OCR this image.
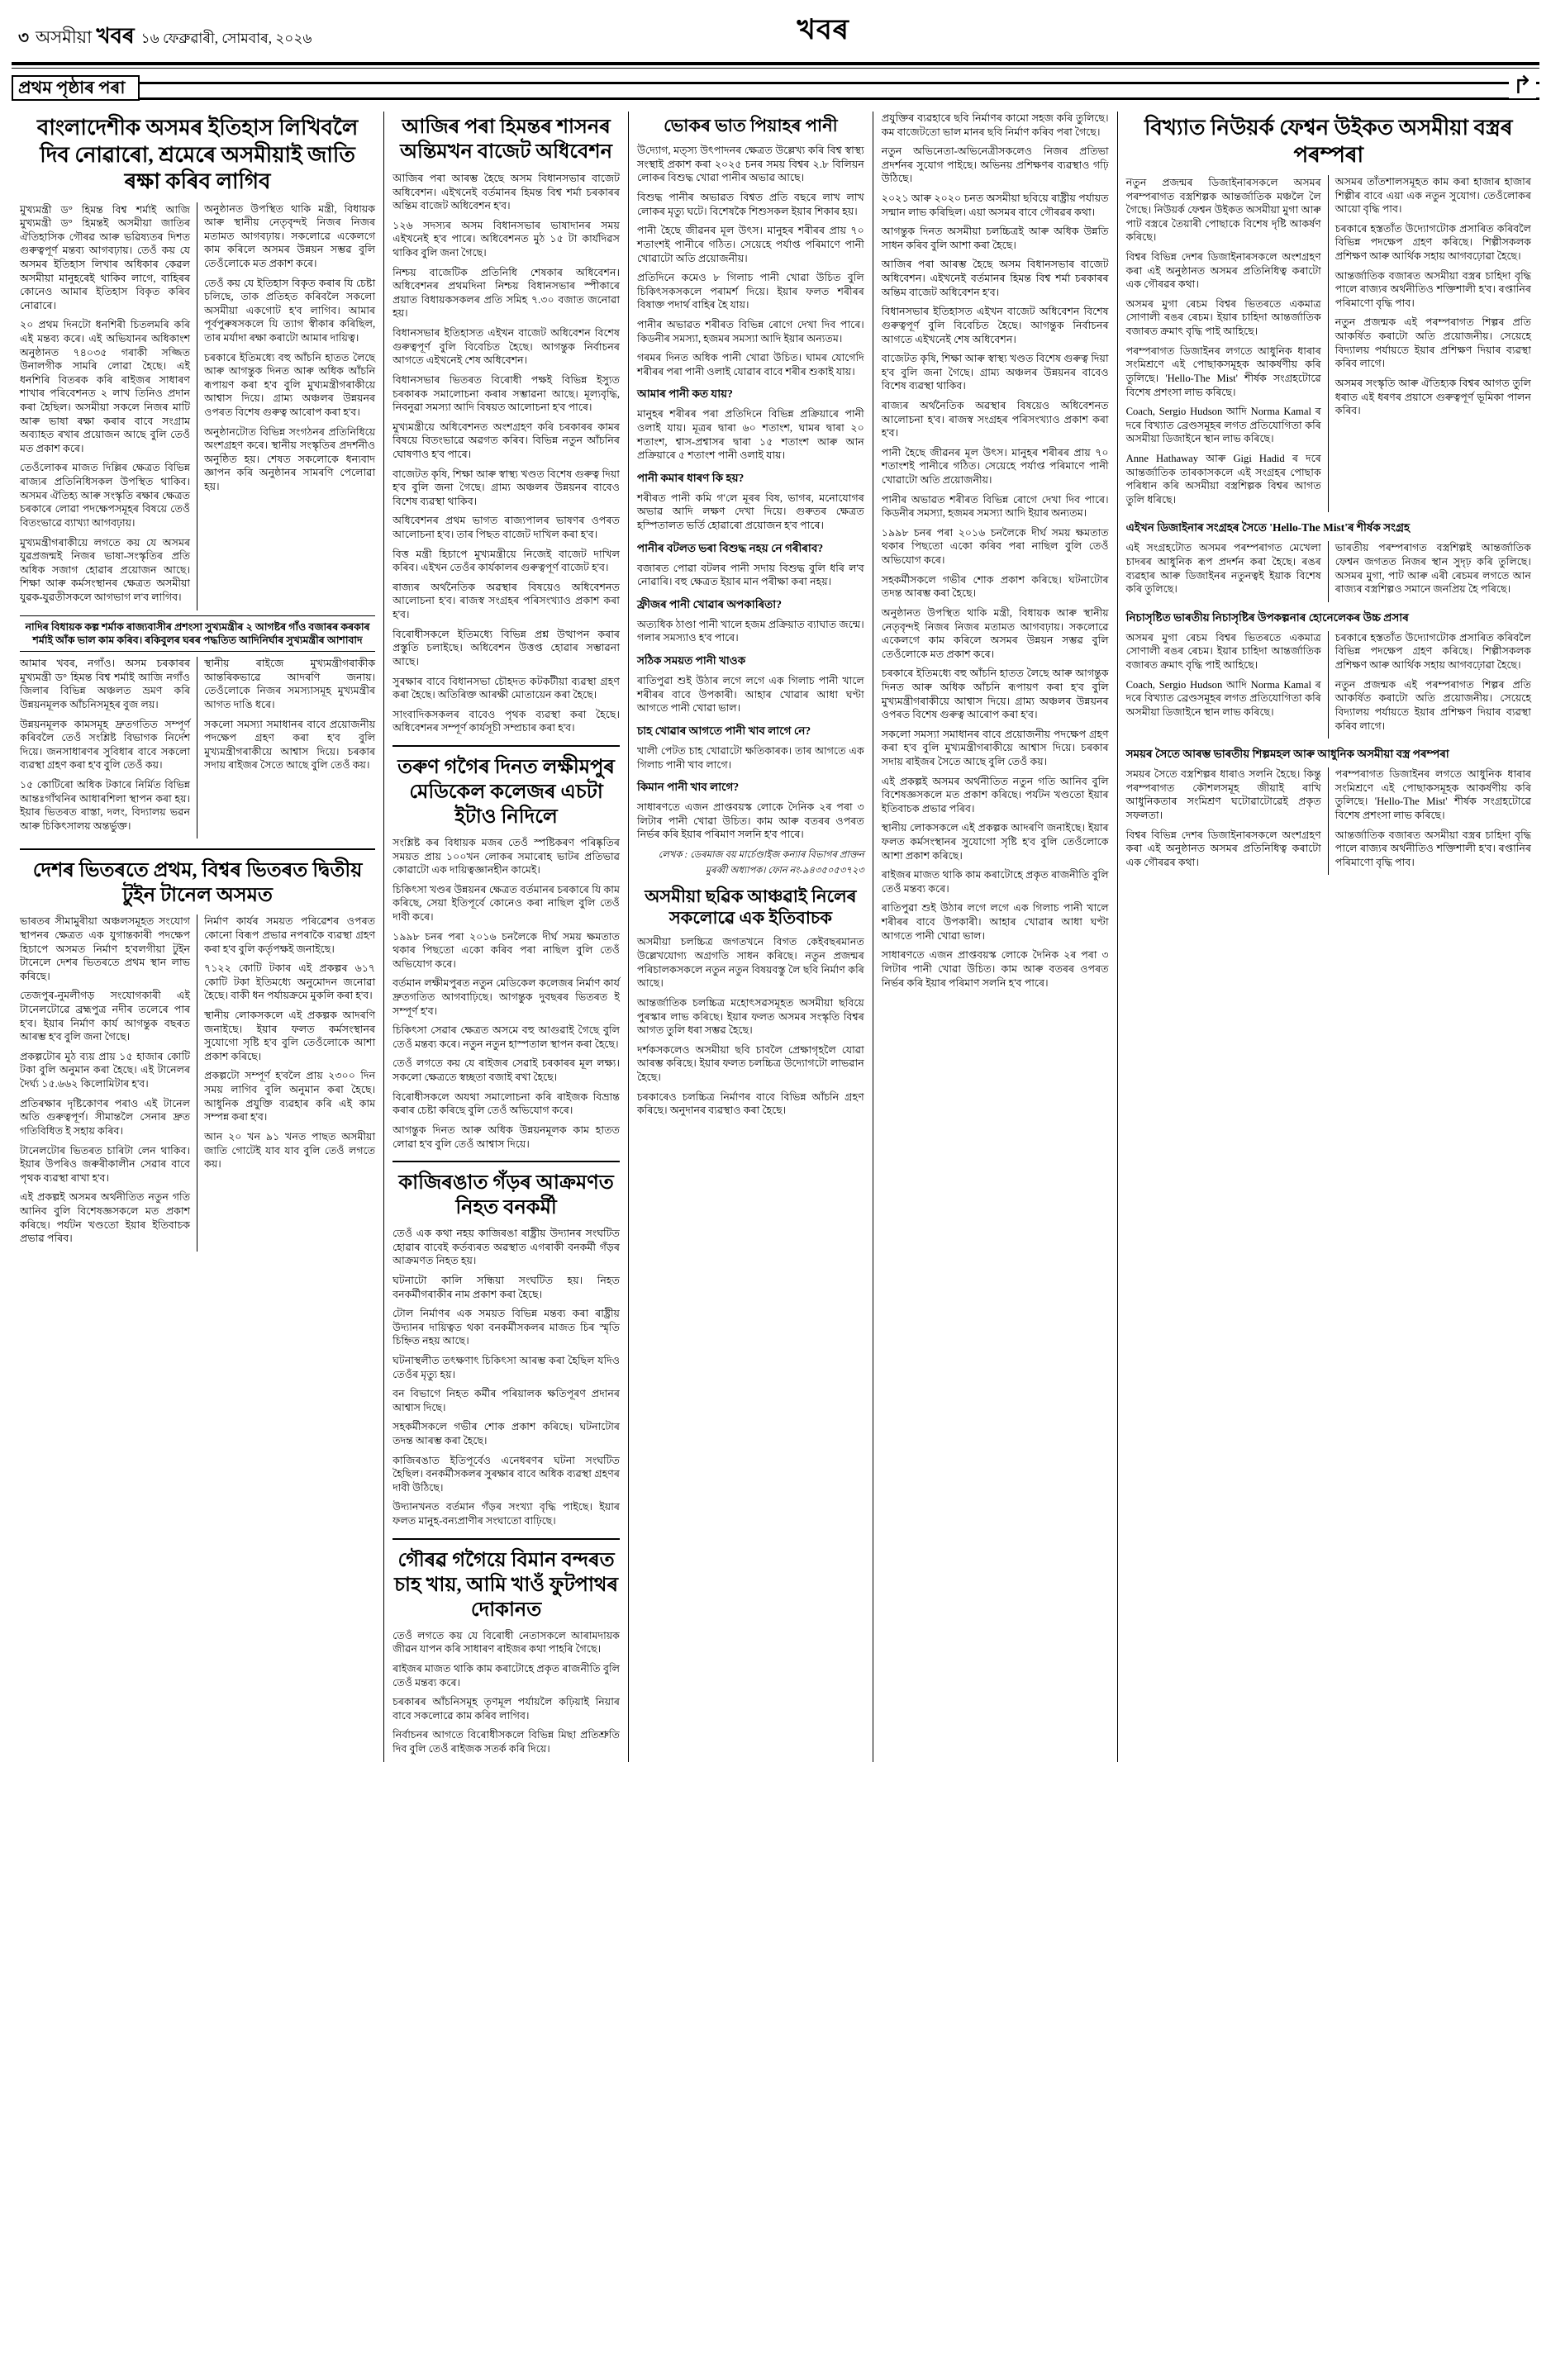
৩ অসমীয়া খবৰ ১৬ ফেব্ৰুৱাৰী, সোমবাৰ, ২০২৬	খবৰ
প্ৰথম পৃষ্ঠাৰ পৰা	↱
বাংলাদেশীক অসমৰ ইতিহাস লিখিবলৈ দিব নোৱাৰো, শ্ৰমেৰে অসমীয়াই জাতি ৰক্ষা কৰিব লাগিব

মুখ্যমন্ত্ৰী ড° হিমন্ত বিশ্ব শৰ্মাই আজি মুখ্যমন্ত্ৰী ড° হিমন্তই অসমীয়া জাতিৰ ঐতিহাসিক গৌৰৱ আৰু ভৱিষ্যতৰ দিশত গুৰুত্বপূৰ্ণ মন্তব্য আগবঢ়ায়। তেওঁ কয় যে অসমৰ ইতিহাস লিখাৰ অধিকাৰ কেৱল অসমীয়া মানুহৰেই থাকিব লাগে, বাহিৰৰ কোনেও আমাৰ ইতিহাস বিকৃত কৰিব নোৱাৰে।

২০ প্ৰথম দিনটো ধনশিৰী চিতলমৰি কৰি এই মন্তব্য কৰে। এই অভিযানৰ অধিকাংশ অনুষ্ঠানত ৭৪০৩৫ গৰাকী সজ্জিত উনালগীক সামৰি লোৱা হৈছে। এই ধনশিৰি বিতৰক কৰি ৰাইজৰ সাধাৰণ শাখাৰ পৰিবেশনত ২ লাখ তিনিও প্ৰদান কৰা হৈছিল। অসমীয়া সকলে নিজৰ মাটি আৰু ভাষা ৰক্ষা কৰাৰ বাবে সংগ্ৰাম অব্যাহত ৰখাৰ প্ৰয়োজন আছে বুলি তেওঁ মত প্ৰকাশ কৰে।

তেওঁলোকৰ মাজত দিল্লিৰ ক্ষেত্ৰত বিভিন্ন ৰাজ্যৰ প্ৰতিনিধিসকল উপস্থিত থাকিব। অসমৰ ঐতিহ্য আৰু সংস্কৃতি ৰক্ষাৰ ক্ষেত্ৰত চৰকাৰে লোৱা পদক্ষেপসমূহৰ বিষয়ে তেওঁ বিতংভাৱে ব্যাখ্যা আগবঢ়ায়।

মুখ্যমন্ত্ৰীগৰাকীয়ে লগতে কয় যে অসমৰ যুৱপ্ৰজন্মই নিজৰ ভাষা-সংস্কৃতিৰ প্ৰতি অধিক সজাগ হোৱাৰ প্ৰয়োজন আছে। শিক্ষা আৰু কৰ্মসংস্থানৰ ক্ষেত্ৰত অসমীয়া যুৱক-যুৱতীসকলে আগভাগ ল'ব লাগিব।

অনুষ্ঠানত উপস্থিত থাকি মন্ত্ৰী, বিধায়ক আৰু স্থানীয় নেতৃবৃন্দই নিজৰ নিজৰ মতামত আগবঢ়ায়। সকলোৱে একেলগে কাম কৰিলে অসমৰ উন্নয়ন সম্ভৱ বুলি তেওঁলোকে মত প্ৰকাশ কৰে।

তেওঁ কয় যে ইতিহাস বিকৃত কৰাৰ যি চেষ্টা চলিছে, তাক প্ৰতিহত কৰিবলৈ সকলো অসমীয়া একগোট হ'ব লাগিব। আমাৰ পূৰ্বপুৰুষসকলে যি ত্যাগ স্বীকাৰ কৰিছিল, তাৰ মৰ্যাদা ৰক্ষা কৰাটো আমাৰ দায়িত্ব।

চৰকাৰে ইতিমধ্যে বহু আঁচনি হাতত লৈছে আৰু আগন্তুক দিনত আৰু অধিক আঁচনি ৰূপায়ণ কৰা হ'ব বুলি মুখ্যমন্ত্ৰীগৰাকীয়ে আশ্বাস দিয়ে। গ্ৰাম্য অঞ্চলৰ উন্নয়নৰ ওপৰত বিশেষ গুৰুত্ব আৰোপ কৰা হ'ব।

অনুষ্ঠানটোত বিভিন্ন সংগঠনৰ প্ৰতিনিধিয়ে অংশগ্ৰহণ কৰে। স্থানীয় সংস্কৃতিৰ প্ৰদৰ্শনীও অনুষ্ঠিত হয়। শেষত সকলোকে ধন্যবাদ জ্ঞাপন কৰি অনুষ্ঠানৰ সামৰণি পেলোৱা হয়।

নাদিৰ বিধায়ক কল্প শৰ্মাক ৰাজ্যবাসীৰ প্ৰশংসা সুখ্যমন্ত্ৰীৰ ২ আগষ্টৰ গাঁও বজাৰৰ কৰকাৰ শৰ্মাই আঁক ভাল কাম কৰিব। ৰকিবুলৰ ঘৰৰ পদ্ধতিত আদিনিৰ্ঘাৰ সুখ্যমন্ত্ৰীৰ আশাবাদ

আমাৰ খবৰ, নগাঁও। অসম চৰকাৰৰ মুখ্যমন্ত্ৰী ড° হিমন্ত বিশ্ব শৰ্মাই আজি নগাঁও জিলাৰ বিভিন্ন অঞ্চলত ভ্ৰমণ কৰি উন্নয়নমূলক আঁচনিসমূহৰ বুজ লয়।

উন্নয়নমূলক কামসমূহ দ্ৰুতগতিত সম্পূৰ্ণ কৰিবলৈ তেওঁ সংশ্লিষ্ট বিভাগক নিৰ্দেশ দিয়ে। জনসাধাৰণৰ সুবিধাৰ বাবে সকলো ব্যৱস্থা গ্ৰহণ কৰা হ'ব বুলি তেওঁ কয়।

১৫ কোটিৰো অধিক টকাৰে নিৰ্মিত বিভিন্ন আন্তঃগাঁথনিৰ আধাৰশিলা স্থাপন কৰা হয়। ইয়াৰ ভিতৰত ৰাস্তা, দলং, বিদ্যালয় ভৱন আৰু চিকিৎসালয় অন্তৰ্ভুক্ত।

স্থানীয় ৰাইজে মুখ্যমন্ত্ৰীগৰাকীক আন্তৰিকভাৱে আদৰণি জনায়। তেওঁলোকে নিজৰ সমস্যাসমূহ মুখ্যমন্ত্ৰীৰ আগত দাঙি ধৰে।

সকলো সমস্যা সমাধানৰ বাবে প্ৰয়োজনীয় পদক্ষেপ গ্ৰহণ কৰা হ'ব বুলি মুখ্যমন্ত্ৰীগৰাকীয়ে আশ্বাস দিয়ে। চৰকাৰ সদায় ৰাইজৰ সৈতে আছে বুলি তেওঁ কয়।

দেশৰ ভিতৰতে প্ৰথম, বিশ্বৰ ভিতৰত দ্বিতীয় টুইন টানেল অসমত

ভাৰতৰ সীমামুৰীয়া অঞ্চলসমূহত সংযোগ স্থাপনৰ ক্ষেত্ৰত এক যুগান্তকাৰী পদক্ষেপ হিচাপে অসমত নিৰ্মাণ হ'বলগীয়া টুইন টানেলে দেশৰ ভিতৰতে প্ৰথম স্থান লাভ কৰিছে।

তেজপুৰ-নুমলীগড় সংযোগকাৰী এই টানেলটোৱে ব্ৰহ্মপুত্ৰ নদীৰ তলেৰে পাৰ হ'ব। ইয়াৰ নিৰ্মাণ কাৰ্য আগন্তুক বছৰত আৰম্ভ হ'ব বুলি জনা গৈছে।

প্ৰকল্পটোৰ মুঠ ব্যয় প্ৰায় ১৫ হাজাৰ কোটি টকা বুলি অনুমান কৰা হৈছে। এই টানেলৰ দৈৰ্ঘ্য ১৫.৬৬২ কিলোমিটাৰ হ'ব।

প্ৰতিৰক্ষাৰ দৃষ্টিকোণৰ পৰাও এই টানেল অতি গুৰুত্বপূৰ্ণ। সীমান্তলৈ সেনাৰ দ্ৰুত গতিবিধিত ই সহায় কৰিব।

টানেলটোৰ ভিতৰত চাৰিটা লেন থাকিব। ইয়াৰ উপৰিও জৰুৰীকালীন সেৱাৰ বাবে পৃথক ব্যৱস্থা ৰাখা হ'ব।

এই প্ৰকল্পই অসমৰ অৰ্থনীতিত নতুন গতি আনিব বুলি বিশেষজ্ঞসকলে মত প্ৰকাশ কৰিছে। পৰ্যটন খণ্ডতো ইয়াৰ ইতিবাচক প্ৰভাৱ পৰিব।

নিৰ্মাণ কাৰ্যৰ সময়ত পৰিৱেশৰ ওপৰত কোনো বিৰূপ প্ৰভাৱ নপৰাকৈ ব্যৱস্থা গ্ৰহণ কৰা হ'ব বুলি কৰ্তৃপক্ষই জনাইছে।

৭১২২ কোটি টকাৰ এই প্ৰকল্পৰ ৬১৭ কোটি টকা ইতিমধ্যে অনুমোদন জনোৱা হৈছে। বাকী ধন পৰ্যায়ক্ৰমে মুকলি কৰা হ'ব।

স্থানীয় লোকসকলে এই প্ৰকল্পক আদৰণি জনাইছে। ইয়াৰ ফলত কৰ্মসংস্থানৰ সুযোগো সৃষ্টি হ'ব বুলি তেওঁলোকে আশা প্ৰকাশ কৰিছে।

প্ৰকল্পটো সম্পূৰ্ণ হ'বলৈ প্ৰায় ২৩০০ দিন সময় লাগিব বুলি অনুমান কৰা হৈছে। আধুনিক প্ৰযুক্তি ব্যৱহাৰ কৰি এই কাম সম্পন্ন কৰা হ'ব।

আন ২০ খন ৯১ খনত পাছত অসমীয়া জাতি গোটেই যাব যাব বুলি তেওঁ লগতে কয়।

আজিৰ পৰা হিমন্তৰ শাসনৰ অন্তিমখন বাজেট অধিবেশন

আজিৰ পৰা আৰম্ভ হৈছে অসম বিধানসভাৰ বাজেট অধিবেশন। এইখনেই বৰ্তমানৰ হিমন্ত বিশ্ব শৰ্মা চৰকাৰৰ অন্তিম বাজেট অধিবেশন হ'ব।

১২৬ সদস্যৰ অসম বিধানসভাৰ ভাষাদানৰ সময় এইখনেই হ'ব পাৰে। অধিবেশনত মুঠ ১৫ টা কাৰ্যদিৱস থাকিব বুলি জনা গৈছে।

নিশ্চয় বাজেটিক প্ৰতিনিধি শেষকাৰ অধিবেশন। অধিবেশনৰ প্ৰথমদিনা নিশ্চয় বিধানসভাৰ স্পীকাৰে প্ৰয়াত বিধায়কসকলৰ প্ৰতি সমিহ ৭.৩০ বজাত জনোৱা হয়।

বিধানসভাৰ ইতিহাসত এইখন বাজেট অধিবেশন বিশেষ গুৰুত্বপূৰ্ণ বুলি বিবেচিত হৈছে। আগন্তুক নিৰ্বাচনৰ আগতে এইখনেই শেষ অধিবেশন।

বিধানসভাৰ ভিতৰত বিৰোধী পক্ষই বিভিন্ন ইস্যুত চৰকাৰক সমালোচনা কৰাৰ সম্ভাৱনা আছে। মূল্যবৃদ্ধি, নিবনুৱা সমস্যা আদি বিষয়ত আলোচনা হ'ব পাৰে।

মুখ্যমন্ত্ৰীয়ে অধিবেশনত অংশগ্ৰহণ কৰি চৰকাৰৰ কামৰ বিষয়ে বিতংভাৱে অৱগত কৰিব। বিভিন্ন নতুন আঁচনিৰ ঘোষণাও হ'ব পাৰে।

বাজেটত কৃষি, শিক্ষা আৰু স্বাস্থ্য খণ্ডত বিশেষ গুৰুত্ব দিয়া হ'ব বুলি জনা গৈছে। গ্ৰাম্য অঞ্চলৰ উন্নয়নৰ বাবেও বিশেষ ব্যৱস্থা থাকিব।

অধিবেশনৰ প্ৰথম ভাগত ৰাজ্যপালৰ ভাষণৰ ওপৰত আলোচনা হ'ব। তাৰ পিছত বাজেট দাখিল কৰা হ'ব।

বিত্ত মন্ত্ৰী হিচাপে মুখ্যমন্ত্ৰীয়ে নিজেই বাজেট দাখিল কৰিব। এইখন তেওঁৰ কাৰ্যকালৰ গুৰুত্বপূৰ্ণ বাজেট হ'ব।

ৰাজ্যৰ অৰ্থনৈতিক অৱস্থাৰ বিষয়েও অধিবেশনত আলোচনা হ'ব। ৰাজস্ব সংগ্ৰহৰ পৰিসংখ্যাও প্ৰকাশ কৰা হ'ব।

বিৰোধীসকলে ইতিমধ্যে বিভিন্ন প্ৰশ্ন উত্থাপন কৰাৰ প্ৰস্তুতি চলাইছে। অধিবেশন উত্তপ্ত হোৱাৰ সম্ভাৱনা আছে।

সুৰক্ষাৰ বাবে বিধানসভা চৌহদত কটকটীয়া ব্যৱস্থা গ্ৰহণ কৰা হৈছে। অতিৰিক্ত আৰক্ষী মোতায়েন কৰা হৈছে।

সাংবাদিকসকলৰ বাবেও পৃথক ব্যৱস্থা কৰা হৈছে। অধিবেশনৰ সম্পূৰ্ণ কাৰ্যসূচী সম্প্ৰচাৰ কৰা হ'ব।

তৰুণ গগৈৰ দিনত লক্ষীমপুৰ মেডিকেল কলেজৰ এচটা ইটাও নিদিলে

সংশ্লিষ্ট কৰ বিধায়ক মজৰ তেওঁ স্পষ্টিকৰণ পৰিষ্কৃতিৰ সময়ত প্ৰায় ১০০খন লোকৰ সমাৰোহ ভাটৰ প্ৰতিভাৱ কোৱাটো এক দায়িত্বজ্ঞানহীন কামেই।

চিকিৎসা খণ্ডৰ উন্নয়নৰ ক্ষেত্ৰত বৰ্তমানৰ চৰকাৰে যি কাম কৰিছে, সেয়া ইতিপূৰ্বে কোনেও কৰা নাছিল বুলি তেওঁ দাবী কৰে।

১৯৯৮ চনৰ পৰা ২০১৬ চনলৈকে দীৰ্ঘ সময় ক্ষমতাত থকাৰ পিছতো একো কৰিব পৰা নাছিল বুলি তেওঁ অভিযোগ কৰে।

বৰ্তমান লক্ষীমপুৰত নতুন মেডিকেল কলেজৰ নিৰ্মাণ কাৰ্য দ্ৰুতগতিত আগবাঢ়িছে। আগন্তুক দুবছৰৰ ভিতৰত ই সম্পূৰ্ণ হ'ব।

চিকিৎসা সেৱাৰ ক্ষেত্ৰত অসমে বহু আগুৱাই গৈছে বুলি তেওঁ মন্তব্য কৰে। নতুন নতুন হাস্পতাল স্থাপন কৰা হৈছে।

তেওঁ লগতে কয় যে ৰাইজৰ সেৱাই চৰকাৰৰ মূল লক্ষ্য। সকলো ক্ষেত্ৰতে স্বচ্ছতা বজাই ৰখা হৈছে।

বিৰোধীসকলে অযথা সমালোচনা কৰি ৰাইজক বিভ্ৰান্ত কৰাৰ চেষ্টা কৰিছে বুলি তেওঁ অভিযোগ কৰে।

আগন্তুক দিনত আৰু অধিক উন্নয়নমূলক কাম হাতত লোৱা হ'ব বুলি তেওঁ আশ্বাস দিয়ে।

কাজিৰঙাত গঁড়ৰ আক্ৰমণত নিহত বনকৰ্মী

তেওঁ এক কথা নহয় কাজিৰঙা ৰাষ্ট্ৰীয় উদ্যানৰ সংঘটিত হোৱাৰ বাবেই কৰ্তব্যৰত অৱস্থাত এগৰাকী বনকৰ্মী গঁড়ৰ আক্ৰমণত নিহত হয়।

ঘটনাটো কালি সন্ধিয়া সংঘটিত হয়। নিহত বনকৰ্মীগৰাকীৰ নাম প্ৰকাশ কৰা হৈছে।

টোল নিৰ্মাণৰ এক সময়ত বিভিন্ন মন্তব্য কৰা ৰাষ্ট্ৰীয় উদ্যানৰ দায়িত্বত থকা বনকৰ্মীসকলৰ মাজত চিৰ স্মৃতি চিহ্নিত নহয় আছে।

ঘটনাস্থলীত তৎক্ষণাৎ চিকিৎসা আৰম্ভ কৰা হৈছিল যদিও তেওঁৰ মৃত্যু হয়।

বন বিভাগে নিহত কৰ্মীৰ পৰিয়ালক ক্ষতিপূৰণ প্ৰদানৰ আশ্বাস দিছে।

সহকৰ্মীসকলে গভীৰ শোক প্ৰকাশ কৰিছে। ঘটনাটোৰ তদন্ত আৰম্ভ কৰা হৈছে।

কাজিৰঙাত ইতিপূৰ্বেও এনেধৰণৰ ঘটনা সংঘটিত হৈছিল। বনকৰ্মীসকলৰ সুৰক্ষাৰ বাবে অধিক ব্যৱস্থা গ্ৰহণৰ দাবী উঠিছে।

উদ্যানখনত বৰ্তমান গঁড়ৰ সংখ্যা বৃদ্ধি পাইছে। ইয়াৰ ফলত মানুহ-বন্যপ্ৰাণীৰ সংঘাতো বাঢ়িছে।

গৌৰৱ গগৈয়ে বিমান বন্দৰত চাহ খায়, আমি খাওঁ ফুটপাথৰ দোকানত

তেওঁ লগতে কয় যে বিৰোধী নেতাসকলে আৰামদায়ক জীৱন যাপন কৰি সাধাৰণ ৰাইজৰ কথা পাহৰি গৈছে।

ৰাইজৰ মাজত থাকি কাম কৰাটোহে প্ৰকৃত ৰাজনীতি বুলি তেওঁ মন্তব্য কৰে।

চৰকাৰৰ আঁচনিসমূহ তৃণমূল পৰ্যায়লৈ কঢ়িয়াই নিয়াৰ বাবে সকলোৱে কাম কৰিব লাগিব।

নিৰ্বাচনৰ আগতে বিৰোধীসকলে বিভিন্ন মিছা প্ৰতিশ্ৰুতি দিব বুলি তেওঁ ৰাইজক সতৰ্ক কৰি দিয়ে।

ভোকৰ ভাত পিয়াহৰ পানী

উদ্যোগ, মত্স্য উৎপাদনৰ ক্ষেত্ৰত উল্লেখ্য কৰি বিশ্ব স্বাস্থ্য সংস্থাই প্ৰকাশ কৰা ২০২৫ চনৰ সময় বিশ্বৰ ২.৮ বিলিয়ন লোকৰ বিশুদ্ধ খোৱা পানীৰ অভাৱ আছে।

বিশুদ্ধ পানীৰ অভাৱত বিশ্বত প্ৰতি বছৰে লাখ লাখ লোকৰ মৃত্যু ঘটে। বিশেষকৈ শিশুসকল ইয়াৰ শিকাৰ হয়।

পানী হৈছে জীৱনৰ মূল উৎস। মানুহৰ শৰীৰৰ প্ৰায় ৭০ শতাংশই পানীৰে গঠিত। সেয়েহে পৰ্যাপ্ত পৰিমাণে পানী খোৱাটো অতি প্ৰয়োজনীয়।

প্ৰতিদিনে কমেও ৮ গিলাচ পানী খোৱা উচিত বুলি চিকিৎসকসকলে পৰামৰ্শ দিয়ে। ইয়াৰ ফলত শৰীৰৰ বিষাক্ত পদাৰ্থ বাহিৰ হৈ যায়।

পানীৰ অভাৱত শৰীৰত বিভিন্ন ৰোগে দেখা দিব পাৰে। কিডনীৰ সমস্যা, হজমৰ সমস্যা আদি ইয়াৰ অন্যতম।

গৰমৰ দিনত অধিক পানী খোৱা উচিত। ঘামৰ যোগেদি শৰীৰৰ পৰা পানী ওলাই যোৱাৰ বাবে শৰীৰ শুকাই যায়।

আমাৰ পানী কত যায়?

মানুহৰ শৰীৰৰ পৰা প্ৰতিদিনে বিভিন্ন প্ৰক্ৰিয়াৰে পানী ওলাই যায়। মূত্ৰৰ দ্বাৰা ৬০ শতাংশ, ঘামৰ দ্বাৰা ২০ শতাংশ, শ্বাস-প্ৰশ্বাসৰ দ্বাৰা ১৫ শতাংশ আৰু আন প্ৰক্ৰিয়াৰে ৫ শতাংশ পানী ওলাই যায়।

পানী কমাৰ ধাৰণ কি হয়?

শৰীৰত পানী কমি গ'লে মূৰৰ বিষ, ভাগৰ, মনোযোগৰ অভাৱ আদি লক্ষণ দেখা দিয়ে। গুৰুতৰ ক্ষেত্ৰত হস্পিতালত ভৰ্তি হোৱাৰো প্ৰয়োজন হ'ব পাৰে।

পানীৰ বটলত ভৰা বিশুদ্ধ নহয় নে গৰীৰাব?

বজাৰত পোৱা বটলৰ পানী সদায় বিশুদ্ধ বুলি ধৰি ল'ব নোৱাৰি। বহু ক্ষেত্ৰত ইয়াৰ মান পৰীক্ষা কৰা নহয়।

ফ্ৰীজৰ পানী খোৱাৰ অপকাৰিতা?

অত্যধিক ঠাণ্ডা পানী খালে হজম প্ৰক্ৰিয়াত ব্যাঘাত জন্মে। গলাৰ সমস্যাও হ'ব পাৰে।

সঠিক সময়ত পানী খাওক

ৰাতিপুৱা শুই উঠাৰ লগে লগে এক গিলাচ পানী খালে শৰীৰৰ বাবে উপকাৰী। আহাৰ খোৱাৰ আধা ঘণ্টা আগতে পানী খোৱা ভাল।

চাহ খোৱাৰ আগতে পানী খাব লাগে নে?

খালী পেটত চাহ খোৱাটো ক্ষতিকাৰক। তাৰ আগতে এক গিলাচ পানী খাব লাগে।

কিমান পানী খাব লাগে?

সাধাৰণতে এজন প্ৰাপ্তবয়স্ক লোকে দৈনিক ২ৰ পৰা ৩ লিটাৰ পানী খোৱা উচিত। কাম আৰু বতৰৰ ওপৰত নিৰ্ভৰ কৰি ইয়াৰ পৰিমাণ সলনি হ'ব পাৰে।

লেখক : ডেৰমাজ বয় মাৰ্চেণ্ডাইজ কন্যাৰ বিভাগৰ প্ৰাক্তন মুৰব্বী অধ্যাপক। ফোন নং-৯৪৩৫০৫৩৭২৩
অসমীয়া ছৱিক আঞ্চৱাই নিলেৰ সকলোৱে এক ইতিবাচক

অসমীয়া চলচ্চিত্ৰ জগতখনে বিগত কেইবছৰমানত উল্লেখযোগ্য অগ্ৰগতি সাধন কৰিছে। নতুন প্ৰজন্মৰ পৰিচালকসকলে নতুন নতুন বিষয়বস্তু লৈ ছবি নিৰ্মাণ কৰি আছে।

আন্তৰ্জাতিক চলচ্চিত্ৰ মহোৎসৱসমূহত অসমীয়া ছবিয়ে পুৰস্কাৰ লাভ কৰিছে। ইয়াৰ ফলত অসমৰ সংস্কৃতি বিশ্বৰ আগত তুলি ধৰা সম্ভৱ হৈছে।

দৰ্শকসকলেও অসমীয়া ছবি চাবলৈ প্ৰেক্ষাগৃহলৈ যোৱা আৰম্ভ কৰিছে। ইয়াৰ ফলত চলচ্চিত্ৰ উদ্যোগটো লাভৱান হৈছে।

চৰকাৰেও চলচ্চিত্ৰ নিৰ্মাণৰ বাবে বিভিন্ন আঁচনি গ্ৰহণ কৰিছে। অনুদানৰ ব্যৱস্থাও কৰা হৈছে।

প্ৰযুক্তিৰ ব্যৱহাৰে ছবি নিৰ্মাণৰ কামো সহজ কৰি তুলিছে। কম বাজেটতো ভাল মানৰ ছবি নিৰ্মাণ কৰিব পৰা গৈছে।

নতুন অভিনেতা-অভিনেত্ৰীসকলেও নিজৰ প্ৰতিভা প্ৰদৰ্শনৰ সুযোগ পাইছে। অভিনয় প্ৰশিক্ষণৰ ব্যৱস্থাও গঢ়ি উঠিছে।

২০২১ আৰু ২০২০ চনত অসমীয়া ছবিয়ে ৰাষ্ট্ৰীয় পৰ্যায়ত সন্মান লাভ কৰিছিল। এয়া অসমৰ বাবে গৌৰৱৰ কথা।

আগন্তুক দিনত অসমীয়া চলচ্চিত্ৰই আৰু অধিক উন্নতি সাধন কৰিব বুলি আশা কৰা হৈছে।

আজিৰ পৰা আৰম্ভ হৈছে অসম বিধানসভাৰ বাজেট অধিবেশন। এইখনেই বৰ্তমানৰ হিমন্ত বিশ্ব শৰ্মা চৰকাৰৰ অন্তিম বাজেট অধিবেশন হ'ব।

বিধানসভাৰ ইতিহাসত এইখন বাজেট অধিবেশন বিশেষ গুৰুত্বপূৰ্ণ বুলি বিবেচিত হৈছে। আগন্তুক নিৰ্বাচনৰ আগতে এইখনেই শেষ অধিবেশন।

বাজেটত কৃষি, শিক্ষা আৰু স্বাস্থ্য খণ্ডত বিশেষ গুৰুত্ব দিয়া হ'ব বুলি জনা গৈছে। গ্ৰাম্য অঞ্চলৰ উন্নয়নৰ বাবেও বিশেষ ব্যৱস্থা থাকিব।

ৰাজ্যৰ অৰ্থনৈতিক অৱস্থাৰ বিষয়েও অধিবেশনত আলোচনা হ'ব। ৰাজস্ব সংগ্ৰহৰ পৰিসংখ্যাও প্ৰকাশ কৰা হ'ব।

পানী হৈছে জীৱনৰ মূল উৎস। মানুহৰ শৰীৰৰ প্ৰায় ৭০ শতাংশই পানীৰে গঠিত। সেয়েহে পৰ্যাপ্ত পৰিমাণে পানী খোৱাটো অতি প্ৰয়োজনীয়।

পানীৰ অভাৱত শৰীৰত বিভিন্ন ৰোগে দেখা দিব পাৰে। কিডনীৰ সমস্যা, হজমৰ সমস্যা আদি ইয়াৰ অন্যতম।

১৯৯৮ চনৰ পৰা ২০১৬ চনলৈকে দীৰ্ঘ সময় ক্ষমতাত থকাৰ পিছতো একো কৰিব পৰা নাছিল বুলি তেওঁ অভিযোগ কৰে।

সহকৰ্মীসকলে গভীৰ শোক প্ৰকাশ কৰিছে। ঘটনাটোৰ তদন্ত আৰম্ভ কৰা হৈছে।

অনুষ্ঠানত উপস্থিত থাকি মন্ত্ৰী, বিধায়ক আৰু স্থানীয় নেতৃবৃন্দই নিজৰ নিজৰ মতামত আগবঢ়ায়। সকলোৱে একেলগে কাম কৰিলে অসমৰ উন্নয়ন সম্ভৱ বুলি তেওঁলোকে মত প্ৰকাশ কৰে।

চৰকাৰে ইতিমধ্যে বহু আঁচনি হাতত লৈছে আৰু আগন্তুক দিনত আৰু অধিক আঁচনি ৰূপায়ণ কৰা হ'ব বুলি মুখ্যমন্ত্ৰীগৰাকীয়ে আশ্বাস দিয়ে। গ্ৰাম্য অঞ্চলৰ উন্নয়নৰ ওপৰত বিশেষ গুৰুত্ব আৰোপ কৰা হ'ব।

সকলো সমস্যা সমাধানৰ বাবে প্ৰয়োজনীয় পদক্ষেপ গ্ৰহণ কৰা হ'ব বুলি মুখ্যমন্ত্ৰীগৰাকীয়ে আশ্বাস দিয়ে। চৰকাৰ সদায় ৰাইজৰ সৈতে আছে বুলি তেওঁ কয়।

এই প্ৰকল্পই অসমৰ অৰ্থনীতিত নতুন গতি আনিব বুলি বিশেষজ্ঞসকলে মত প্ৰকাশ কৰিছে। পৰ্যটন খণ্ডতো ইয়াৰ ইতিবাচক প্ৰভাৱ পৰিব।

স্থানীয় লোকসকলে এই প্ৰকল্পক আদৰণি জনাইছে। ইয়াৰ ফলত কৰ্মসংস্থানৰ সুযোগো সৃষ্টি হ'ব বুলি তেওঁলোকে আশা প্ৰকাশ কৰিছে।

ৰাইজৰ মাজত থাকি কাম কৰাটোহে প্ৰকৃত ৰাজনীতি বুলি তেওঁ মন্তব্য কৰে।

ৰাতিপুৱা শুই উঠাৰ লগে লগে এক গিলাচ পানী খালে শৰীৰৰ বাবে উপকাৰী। আহাৰ খোৱাৰ আধা ঘণ্টা আগতে পানী খোৱা ভাল।

সাধাৰণতে এজন প্ৰাপ্তবয়স্ক লোকে দৈনিক ২ৰ পৰা ৩ লিটাৰ পানী খোৱা উচিত। কাম আৰু বতৰৰ ওপৰত নিৰ্ভৰ কৰি ইয়াৰ পৰিমাণ সলনি হ'ব পাৰে।

বিখ্যাত নিউয়ৰ্ক ফেশ্বন উইকত অসমীয়া বস্ত্ৰৰ পৰম্পৰা

নতুন প্ৰজন্মৰ ডিজাইনাৰসকলে অসমৰ পৰম্পৰাগত বস্ত্ৰশিল্পক আন্তৰ্জাতিক মঞ্চলৈ লৈ গৈছে। নিউয়ৰ্ক ফেশ্বন উইকত অসমীয়া মুগা আৰু পাট বস্ত্ৰৰে তৈয়াৰী পোছাকে বিশেষ দৃষ্টি আকৰ্ষণ কৰিছে।

বিশ্বৰ বিভিন্ন দেশৰ ডিজাইনাৰসকলে অংশগ্ৰহণ কৰা এই অনুষ্ঠানত অসমৰ প্ৰতিনিধিত্ব কৰাটো এক গৌৰৱৰ কথা।

অসমৰ মুগা ৰেচম বিশ্বৰ ভিতৰতে একমাত্ৰ সোণালী ৰঙৰ ৰেচম। ইয়াৰ চাহিদা আন্তৰ্জাতিক বজাৰত ক্ৰমাৎ বৃদ্ধি পাই আহিছে।

পৰম্পৰাগত ডিজাইনৰ লগতে আধুনিক ধাৰাৰ সংমিশ্ৰণে এই পোছাকসমূহক আকৰ্ষণীয় কৰি তুলিছে। 'Hello-The Mist' শীৰ্ষক সংগ্ৰহটোৱে বিশেষ প্ৰশংসা লাভ কৰিছে।

Coach, Sergio Hudson আদি Norma Kamal ৰ দৰে বিখ্যাত ব্ৰেণ্ডসমূহৰ লগত প্ৰতিযোগিতা কৰি অসমীয়া ডিজাইনে স্থান লাভ কৰিছে।

Anne Hathaway আৰু Gigi Hadid ৰ দৰে আন্তৰ্জাতিক তাৰকাসকলে এই সংগ্ৰহৰ পোছাক পৰিধান কৰি অসমীয়া বস্ত্ৰশিল্পক বিশ্বৰ আগত তুলি ধৰিছে।

অসমৰ তাঁতশালসমূহত কাম কৰা হাজাৰ হাজাৰ শিল্পীৰ বাবে এয়া এক নতুন সুযোগ। তেওঁলোকৰ আয়ো বৃদ্ধি পাব।

চৰকাৰে হস্ততাঁত উদ্যোগটোক প্ৰসাৰিত কৰিবলৈ বিভিন্ন পদক্ষেপ গ্ৰহণ কৰিছে। শিল্পীসকলক প্ৰশিক্ষণ আৰু আৰ্থিক সহায় আগবঢ়োৱা হৈছে।

আন্তৰ্জাতিক বজাৰত অসমীয়া বস্ত্ৰৰ চাহিদা বৃদ্ধি পালে ৰাজ্যৰ অৰ্থনীতিও শক্তিশালী হ'ব। ৰপ্তানিৰ পৰিমাণো বৃদ্ধি পাব।

নতুন প্ৰজন্মক এই পৰম্পৰাগত শিল্পৰ প্ৰতি আকৰ্ষিত কৰাটো অতি প্ৰয়োজনীয়। সেয়েহে বিদ্যালয় পৰ্যায়তে ইয়াৰ প্ৰশিক্ষণ দিয়াৰ ব্যৱস্থা কৰিব লাগে।

অসমৰ সংস্কৃতি আৰু ঐতিহ্যক বিশ্বৰ আগত তুলি ধৰাত এই ধৰণৰ প্ৰয়াসে গুৰুত্বপূৰ্ণ ভূমিকা পালন কৰিব।

এইখন ডিজাইনাৰ সংগ্ৰহৰ সৈতে 'Hello-The Mist'ৰ শীৰ্ষক সংগ্ৰহ

এই সংগ্ৰহটোত অসমৰ পৰম্পৰাগত মেখেলা চাদৰৰ আধুনিক ৰূপ প্ৰদৰ্শন কৰা হৈছে। ৰঙৰ ব্যৱহাৰ আৰু ডিজাইনৰ নতুনত্বই ইয়াক বিশেষ কৰি তুলিছে।

ভাৰতীয় পৰম্পৰাগত বস্ত্ৰশিল্পই আন্তৰ্জাতিক ফেশ্বন জগতত নিজৰ স্থান সুদৃঢ় কৰি তুলিছে। অসমৰ মুগা, পাট আৰু এৰী ৰেচমৰ লগতে আন ৰাজ্যৰ বস্ত্ৰশিল্পও সমানে জনপ্ৰিয় হৈ পৰিছে।

নিচাসৃষ্টিত ভাৰতীয় নিচাসৃষ্টিৰ উপকল্পনাৰ হোনেলেকৰ উচ্চ প্ৰসাৰ

অসমৰ মুগা ৰেচম বিশ্বৰ ভিতৰতে একমাত্ৰ সোণালী ৰঙৰ ৰেচম। ইয়াৰ চাহিদা আন্তৰ্জাতিক বজাৰত ক্ৰমাৎ বৃদ্ধি পাই আহিছে।

Coach, Sergio Hudson আদি Norma Kamal ৰ দৰে বিখ্যাত ব্ৰেণ্ডসমূহৰ লগত প্ৰতিযোগিতা কৰি অসমীয়া ডিজাইনে স্থান লাভ কৰিছে।

চৰকাৰে হস্ততাঁত উদ্যোগটোক প্ৰসাৰিত কৰিবলৈ বিভিন্ন পদক্ষেপ গ্ৰহণ কৰিছে। শিল্পীসকলক প্ৰশিক্ষণ আৰু আৰ্থিক সহায় আগবঢ়োৱা হৈছে।

নতুন প্ৰজন্মক এই পৰম্পৰাগত শিল্পৰ প্ৰতি আকৰ্ষিত কৰাটো অতি প্ৰয়োজনীয়। সেয়েহে বিদ্যালয় পৰ্যায়তে ইয়াৰ প্ৰশিক্ষণ দিয়াৰ ব্যৱস্থা কৰিব লাগে।

সময়ৰ সৈতে আৰম্ভ ভাৰতীয় শিল্পমহল আৰু আধুনিক অসমীয়া বস্ত্ৰ পৰম্পৰা

সময়ৰ সৈতে বস্ত্ৰশিল্পৰ ধাৰাও সলনি হৈছে। কিন্তু পৰম্পৰাগত কৌশলসমূহ জীয়াই ৰাখি আধুনিকতাৰ সংমিশ্ৰণ ঘটোৱাটোৱেই প্ৰকৃত সফলতা।

বিশ্বৰ বিভিন্ন দেশৰ ডিজাইনাৰসকলে অংশগ্ৰহণ কৰা এই অনুষ্ঠানত অসমৰ প্ৰতিনিধিত্ব কৰাটো এক গৌৰৱৰ কথা।

পৰম্পৰাগত ডিজাইনৰ লগতে আধুনিক ধাৰাৰ সংমিশ্ৰণে এই পোছাকসমূহক আকৰ্ষণীয় কৰি তুলিছে। 'Hello-The Mist' শীৰ্ষক সংগ্ৰহটোৱে বিশেষ প্ৰশংসা লাভ কৰিছে।

আন্তৰ্জাতিক বজাৰত অসমীয়া বস্ত্ৰৰ চাহিদা বৃদ্ধি পালে ৰাজ্যৰ অৰ্থনীতিও শক্তিশালী হ'ব। ৰপ্তানিৰ পৰিমাণো বৃদ্ধি পাব।
